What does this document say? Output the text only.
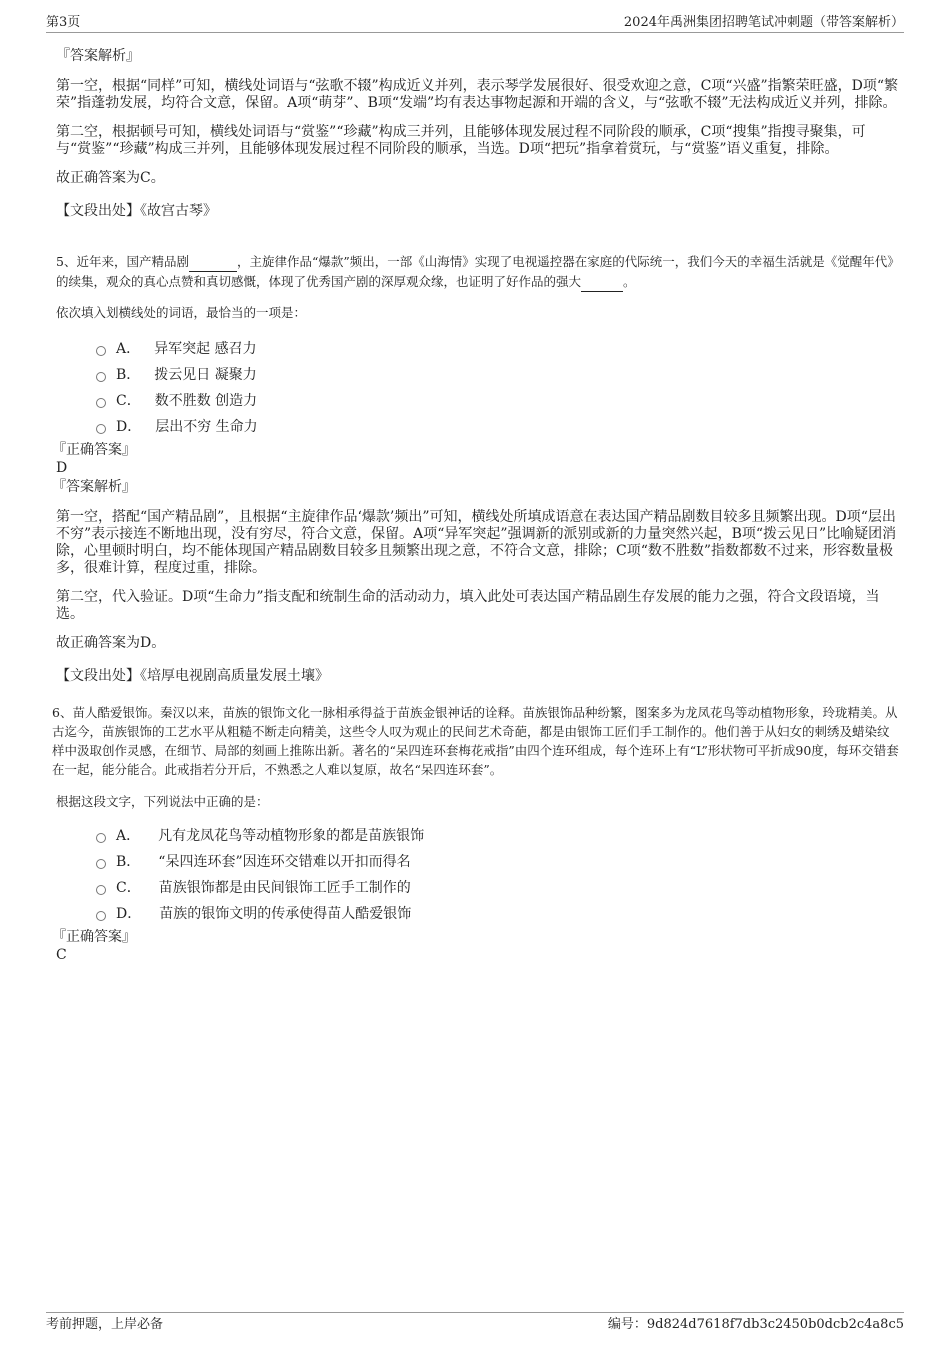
第3页	2024年禹洲集团招聘笔试冲刺题（带答案解析）

『答案解析』

第一空，根据“同样”可知，横线处词语与“弦歌不辍”构成近义并列，表示琴学发展很好、很受欢迎之意，C项“兴盛”指繁荣旺盛，D项“繁荣”指蓬勃发展，均符合文意，保留。A项“萌芽”、B项“发端”均有表达事物起源和开端的含义，与“弦歌不辍”无法构成近义并列，排除。

第二空，根据顿号可知，横线处词语与“赏鉴”“珍藏”构成三并列，且能够体现发展过程不同阶段的顺承，C项“搜集”指搜寻聚集，可与“赏鉴”“珍藏”构成三并列，且能够体现发展过程不同阶段的顺承，当选。D项“把玩”指拿着赏玩，与“赏鉴”语义重复，排除。

故正确答案为C。

【文段出处】《故宫古琴》

5、近年来，国产精品剧	，主旋律作品“爆款”频出，一部《山海情》实现了电视遥控器在家庭的代际统一，我们今天的幸福生活就是《觉醒年代》的续集，观众的真心点赞和真切感慨，体现了优秀国产剧的深厚观众缘，也证明了好作品的强大	。

依次填入划横线处的词语，最恰当的一项是：

A． 异军突起 感召力
B． 拨云见日 凝聚力
C． 数不胜数 创造力
D． 层出不穷 生命力

『正确答案』

D

『答案解析』

第一空，搭配“国产精品剧”，且根据“主旋律作品‘爆款’频出”可知，横线处所填成语意在表达国产精品剧数目较多且频繁出现。D项“层出不穷”表示接连不断地出现，没有穷尽，符合文意，保留。A项“异军突起”强调新的派别或新的力量突然兴起，B项“拨云见日”比喻疑团消除，心里顿时明白，均不能体现国产精品剧数目较多且频繁出现之意，不符合文意，排除；C项“数不胜数”指数都数不过来，形容数量极多，很难计算，程度过重，排除。

第二空，代入验证。D项“生命力”指支配和统制生命的活动动力，填入此处可表达国产精品剧生存发展的能力之强，符合文段语境，当选。

故正确答案为D。

【文段出处】《培厚电视剧高质量发展土壤》

6、苗人酷爱银饰。秦汉以来，苗族的银饰文化一脉相承得益于苗族金银神话的诠释。苗族银饰品种纷繁，图案多为龙凤花鸟等动植物形象，玲珑精美。从古迄今，苗族银饰的工艺水平从粗糙不断走向精美，这些令人叹为观止的民间艺术奇葩，都是由银饰工匠们手工制作的。他们善于从妇女的刺绣及蜡染纹样中汲取创作灵感，在细节、局部的刻画上推陈出新。著名的“呆四连环套梅花戒指”由四个连环组成，每个连环上有“L”形状物可平折成90度，每环交错套在一起，能分能合。此戒指若分开后，不熟悉之人难以复原，故名“呆四连环套”。

根据这段文字，下列说法中正确的是：

A． 凡有龙凤花鸟等动植物形象的都是苗族银饰
B． “呆四连环套”因连环交错难以开扣而得名
C． 苗族银饰都是由民间银饰工匠手工制作的
D． 苗族的银饰文明的传承使得苗人酷爱银饰

『正确答案』

C

考前押题，上岸必备	编号：9d824d7618f7db3c2450b0dcb2c4a8c5
